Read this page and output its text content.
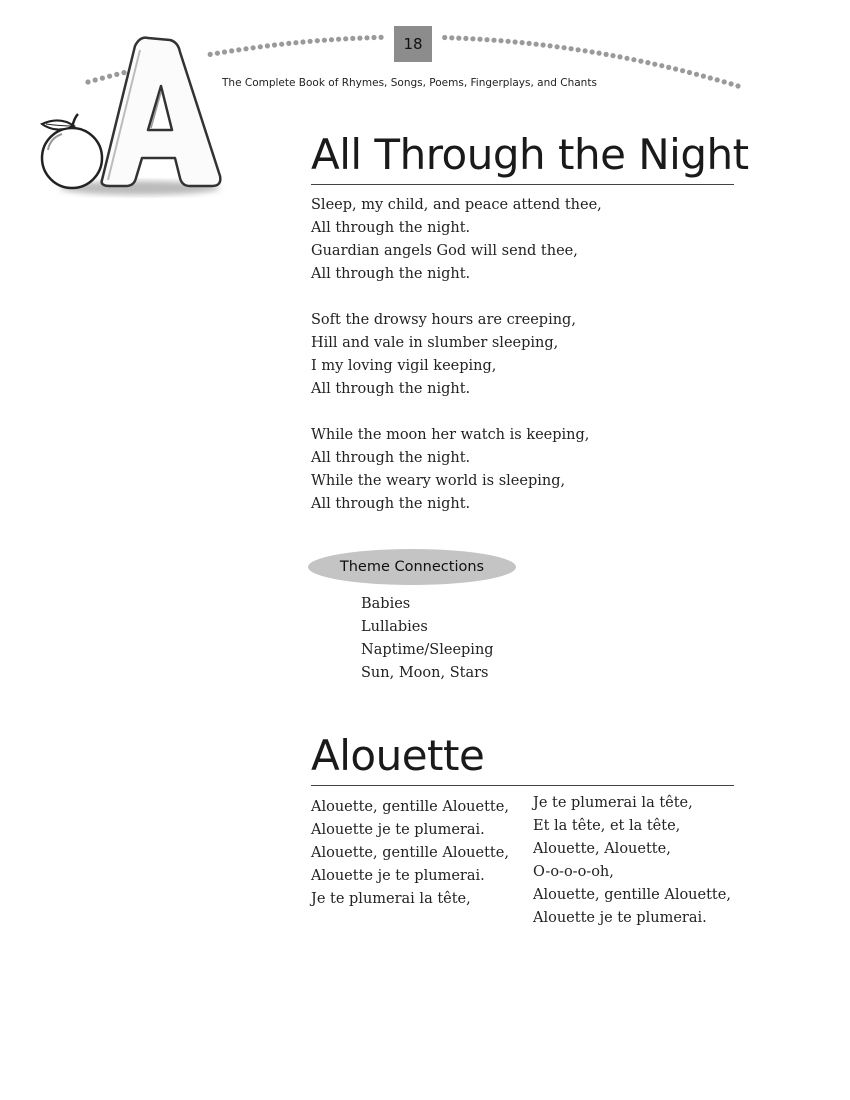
18
The Complete Book of Rhymes, Songs, Poems, Fingerplays, and Chants
All Through the Night
Sleep, my child, and peace attend thee,
All through the night.
Guardian angels God will send thee,
All through the night.
Soft the drowsy hours are creeping,
Hill and vale in slumber sleeping,
I my loving vigil keeping,
All through the night.
While the moon her watch is keeping,
All through the night.
While the weary world is sleeping,
All through the night.
Theme Connections
Babies
Lullabies
Naptime/Sleeping
Sun, Moon, Stars
Alouette
Alouette, gentille Alouette,
Alouette je te plumerai.
Alouette, gentille Alouette,
Alouette je te plumerai.
Je te plumerai la tête,
Je te plumerai la tête,
Et la tête, et la tête,
Alouette, Alouette,
O-o-o-o-oh,
Alouette, gentille Alouette,
Alouette je te plumerai.
